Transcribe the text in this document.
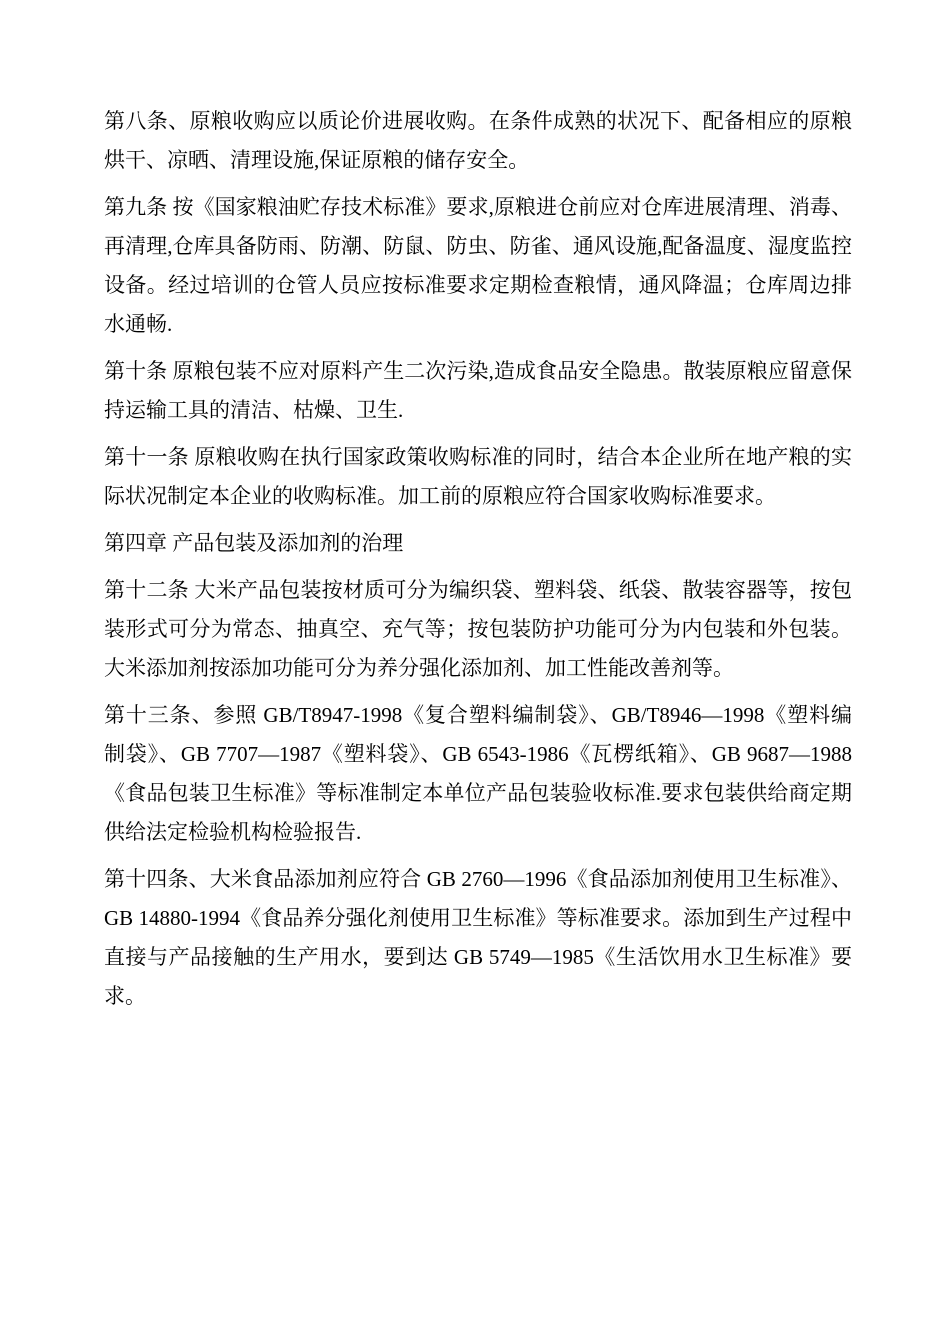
第八条、原粮收购应以质论价进展收购。在条件成熟的状况下、配备相应的原粮烘干、凉晒、清理设施,保证原粮的储存安全。

第九条 按《国家粮油贮存技术标准》要求,原粮进仓前应对仓库进展清理、消毒、再清理,仓库具备防雨、防潮、防鼠、防虫、防雀、通风设施,配备温度、湿度监控设备。经过培训的仓管人员应按标准要求定期检查粮情，通风降温；仓库周边排水通畅.

第十条 原粮包装不应对原料产生二次污染,造成食品安全隐患。散装原粮应留意保持运输工具的清洁、枯燥、卫生.

第十一条 原粮收购在执行国家政策收购标准的同时，结合本企业所在地产粮的实际状况制定本企业的收购标准。加工前的原粮应符合国家收购标准要求。

第四章 产品包装及添加剂的治理

第十二条 大米产品包装按材质可分为编织袋、塑料袋、纸袋、散装容器等，按包装形式可分为常态、抽真空、充气等；按包装防护功能可分为内包装和外包装。大米添加剂按添加功能可分为养分强化添加剂、加工性能改善剂等。

第十三条、参照 GB/T8947-1998《复合塑料编制袋》、GB/T8946—1998《塑料编制袋》、GB 7707—1987《塑料袋》、GB 6543-1986《瓦楞纸箱》、GB 9687—1988《食品包装卫生标准》等标准制定本单位产品包装验收标准.要求包装供给商定期供给法定检验机构检验报告.

第十四条、大米食品添加剂应符合 GB 2760—1996《食品添加剂使用卫生标准》、GB 14880-1994《食品养分强化剂使用卫生标准》等标准要求。添加到生产过程中直接与产品接触的生产用水，要到达 GB 5749—1985《生活饮用水卫生标准》要求。
